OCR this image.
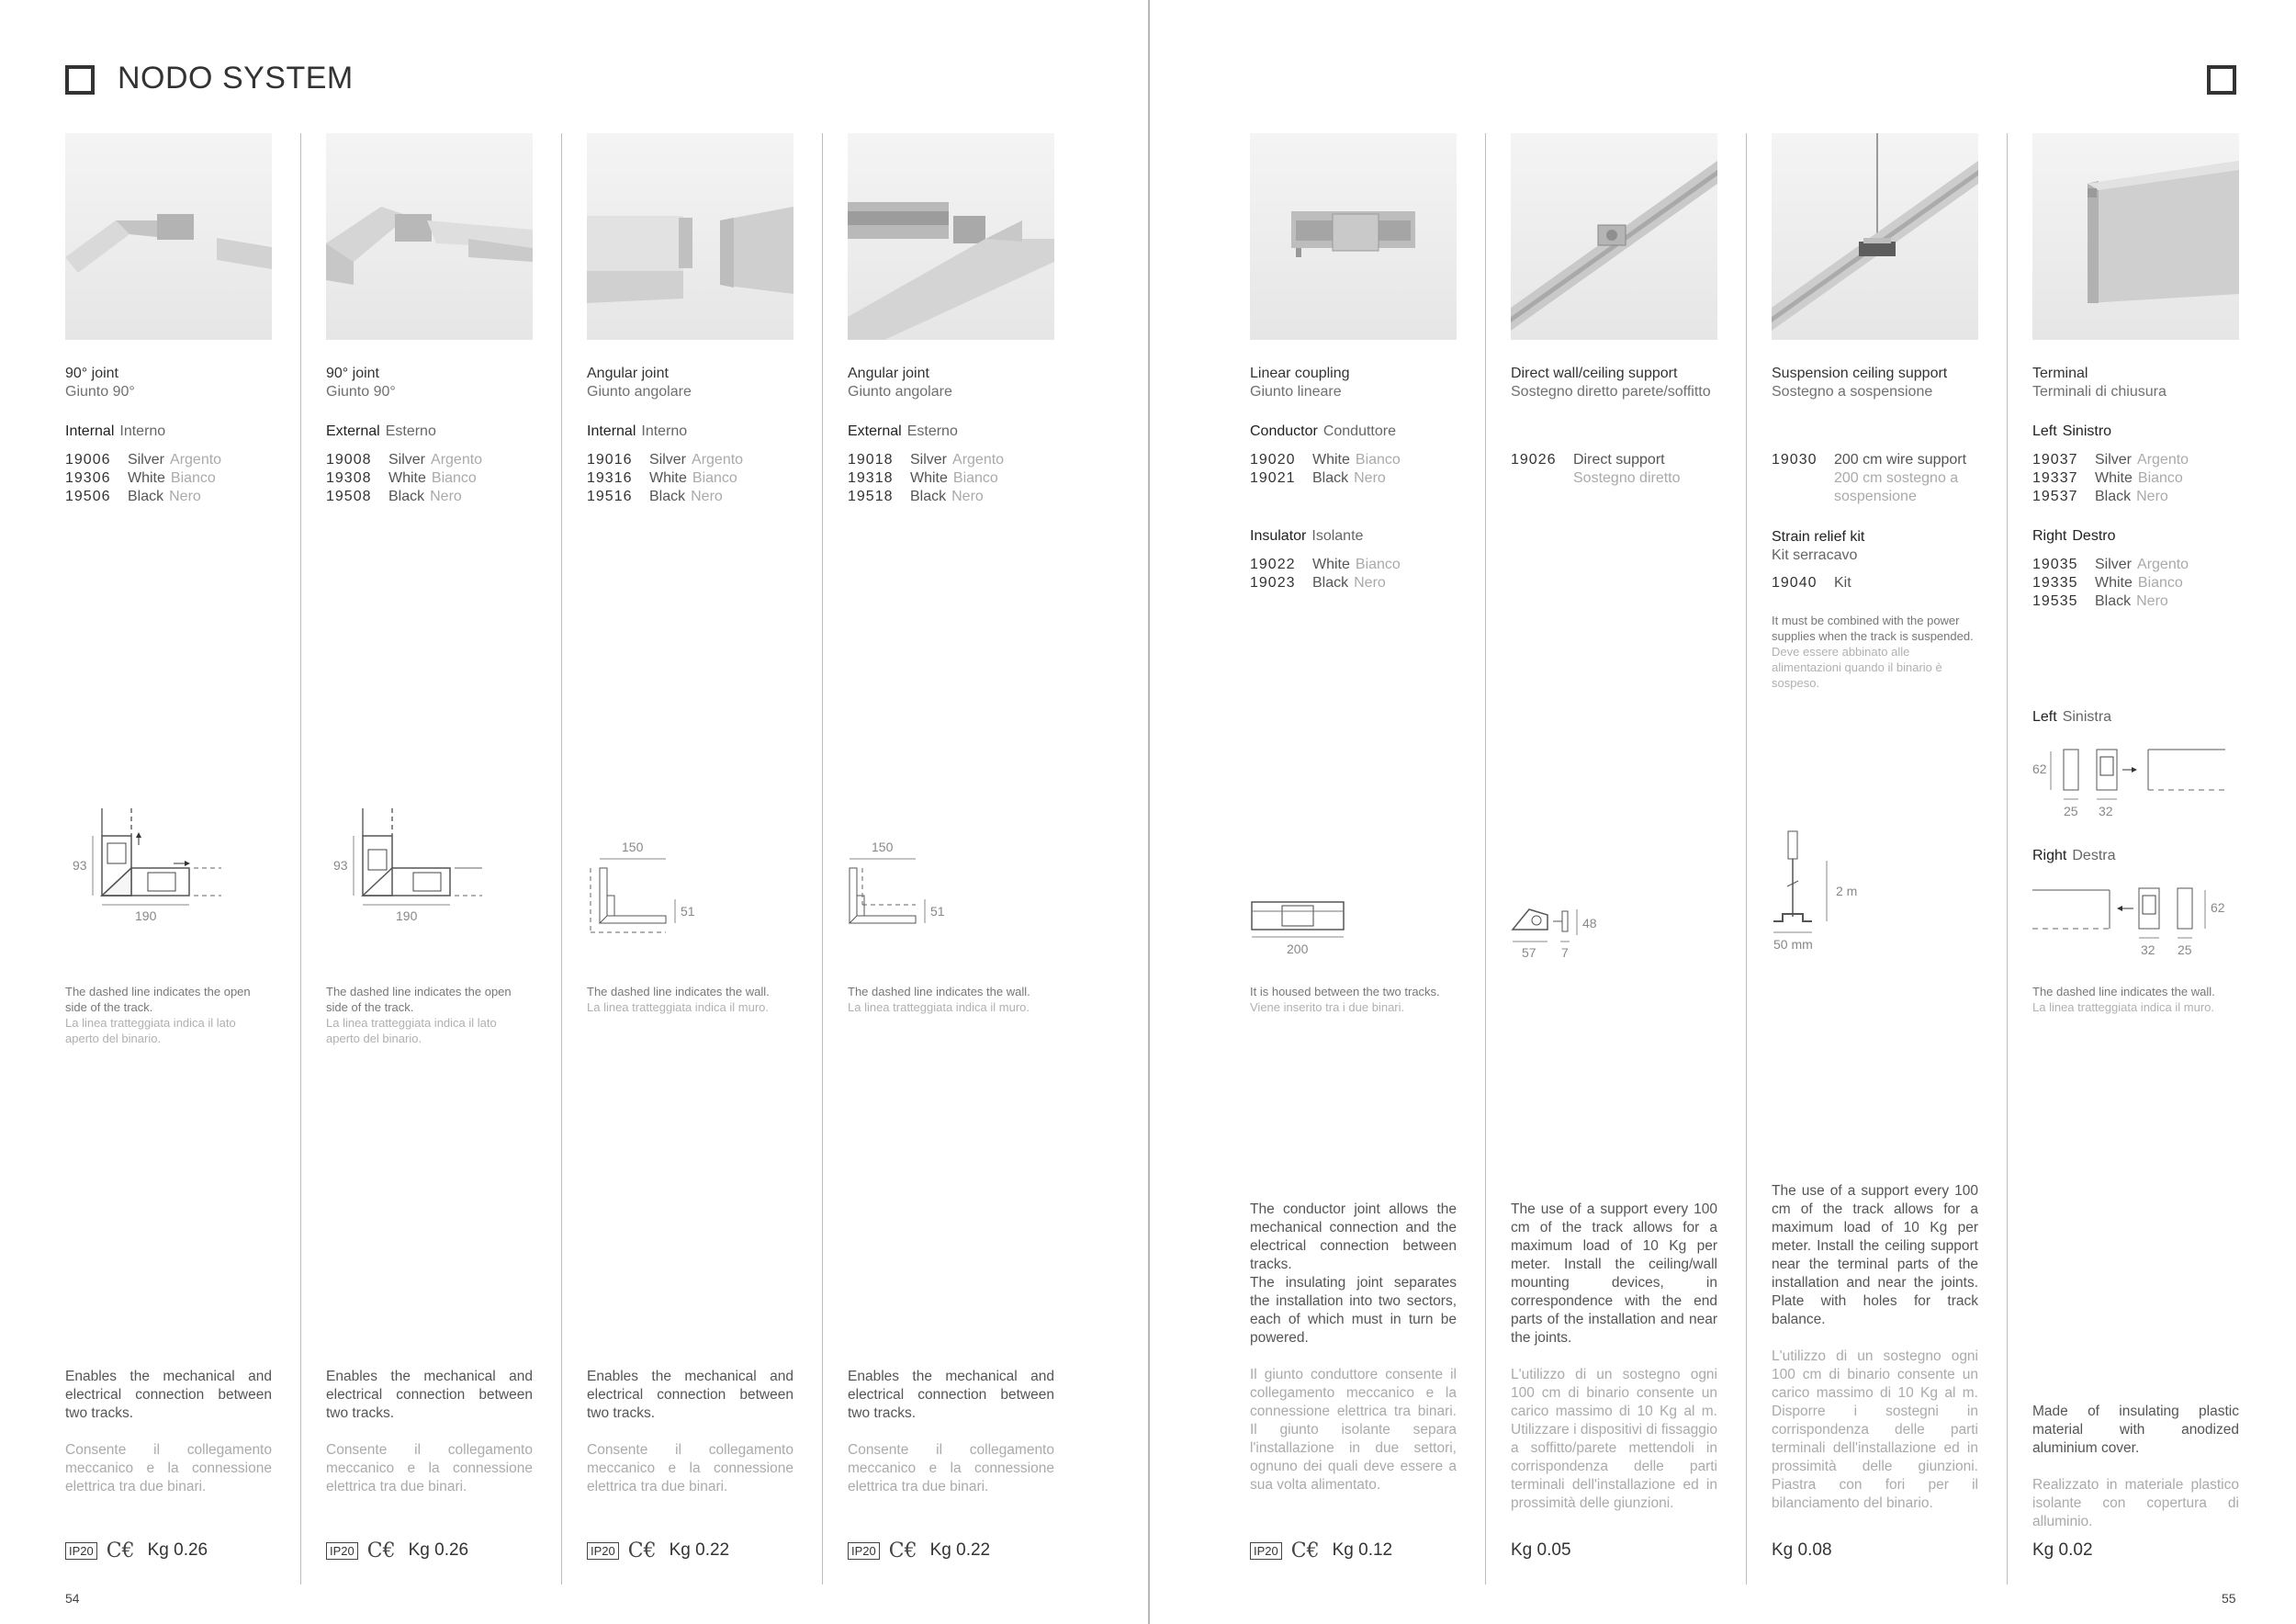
NODO SYSTEM
90° joint
Giunto 90°
Internal Interno
19006 Silver Argento
19306 White Bianco
19506 Black Nero
93
190
The dashed line indicates the open side of the track.
La linea tratteggiata indica il lato aperto del binario.
Enables the mechanical and electrical connection between two tracks.
Consente il collegamento meccanico e la connessione elettrica tra due binari.
IP20 C€ Kg
0.26
90° joint
Giunto 90°
External Esterno
19008 Silver Argento
19308 White Bianco
19508 Black Nero
93
190
The dashed line indicates the open side of the track.
La linea tratteggiata indica il lato aperto del binario.
Enables the mechanical and electrical connection between two tracks.
Consente il collegamento meccanico e la connessione elettrica tra due binari.
IP20 C€ Kg
0.26
Angular joint
Giunto angolare
Internal Interno
19016 Silver Argento
19316 White Bianco
19516 Black Nero
150
51
The dashed line indicates the wall.
La linea tratteggiata indica il muro.
Enables the mechanical and electrical connection between two tracks.
Consente il collegamento meccanico e la connessione elettrica tra due binari.
IP20 C€ Kg
0.22
Angular joint
Giunto angolare
External Esterno
19018 Silver Argento
19318 White Bianco
19518 Black Nero
150
51
The dashed line indicates the wall.
La linea tratteggiata indica il muro.
Enables the mechanical and electrical connection between two tracks.
Consente il collegamento meccanico e la connessione elettrica tra due binari.
IP20 C€ Kg
0.22
Linear coupling
Giunto lineare
Conductor Conduttore
19020 White Bianco
19021 Black Nero
Insulator Isolante
19022 White Bianco
19023 Black Nero
200
It is housed between the two tracks.
Viene inserito tra i due binari.
The conductor joint allows the mechanical connection and the electrical connection between tracks.
The insulating joint separates the installation into two sectors, each of which must in turn be powered.
Il giunto conduttore consente il collegamento meccanico e la connessione elettrica tra binari. Il giunto isolante separa l'installazione in due settori, ognuno dei quali deve essere a sua volta alimentato.
IP20 C€ Kg
0.12
Direct wall/ceiling support
Sostegno diretto parete/soffitto
19026 Direct support
Sostegno diretto
48
57 7
The use of a support every 100 cm of the track allows for a maximum load of 10 Kg per meter. Install the ceiling/wall mounting devices, in correspondence with the end parts of the installation and near the joints.
L'utilizzo di un sostegno ogni 100 cm di binario consente un carico massimo di 10 Kg al m. Utilizzare i dispositivi di fissaggio a soffitto/parete mettendoli in corrispondenza delle parti terminali dell'installazione ed in prossimità delle giunzioni.
Kg
0.05
Suspension ceiling support
Sostegno a sospensione
19030 200 cm wire support
200 cm sostegno a sospensione
Strain relief kit
Kit serracavo
19040 Kit
It must be combined with the power supplies when the track is suspended.
Deve essere abbinato alle alimentazioni quando il binario è sospeso.
2 m
50 mm
The use of a support every 100 cm of the track allows for a maximum load of 10 Kg per meter. Install the ceiling support near the terminal parts of the installation and near the joints. Plate with holes for track balance.
L'utilizzo di un sostegno ogni 100 cm di binario consente un carico massimo di 10 Kg al m. Disporre i sostegni in corrispondenza delle parti terminali dell'installazione ed in prossimità delle giunzioni. Piastra con fori per il bilanciamento del binario.
Kg
0.08
Terminal
Terminali di chiusura
Left Sinistro
19037 Silver Argento
19337 White Bianco
19537 Black Nero
Right Destro
19035 Silver Argento
19335 White Bianco
19535 Black Nero
Left Sinistra
62
25 32
Right Destra
62
32 25
The dashed line indicates the wall.
La linea tratteggiata indica il muro.
Made of insulating plastic material with anodized aluminium cover.
Realizzato in materiale plastico isolante con copertura di alluminio.
Kg
0.02
54	55
